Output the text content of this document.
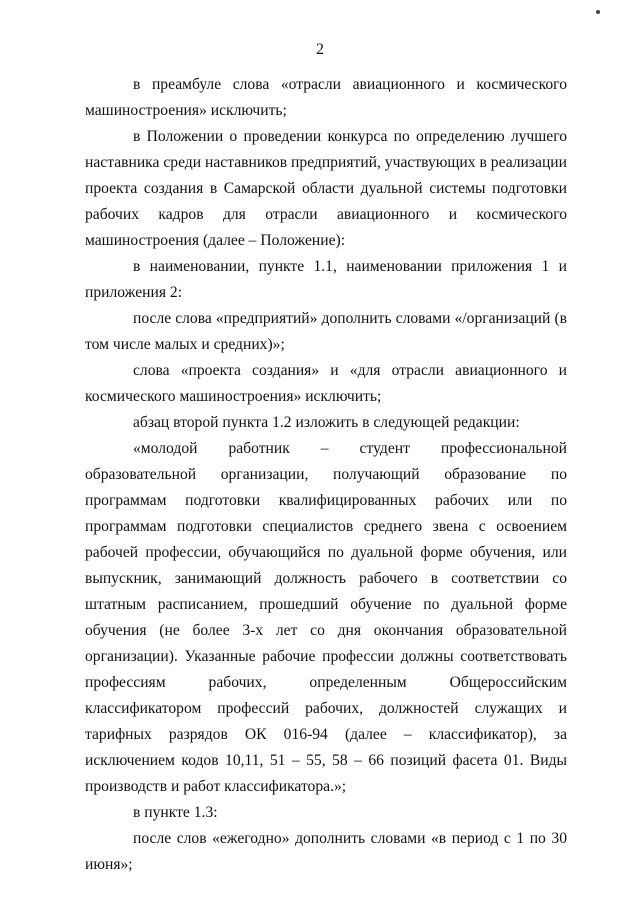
2

в преамбуле слова «отрасли авиационного и космического машиностроения» исключить;

в Положении о проведении конкурса по определению лучшего наставника среди наставников предприятий, участвующих в реализации проекта создания в Самарской области дуальной системы подготовки рабочих кадров для отрасли авиационного и космического машиностроения (далее – Положение):

в наименовании, пункте 1.1, наименовании приложения 1 и приложения 2:

после слова «предприятий» дополнить словами «/организаций (в том числе малых и средних)»;

слова «проекта создания» и «для отрасли авиационного и космического машиностроения» исключить;

абзац второй пункта 1.2 изложить в следующей редакции:

«молодой работник – студент профессиональной образовательной организации, получающий образование по программам подготовки квалифицированных рабочих или по программам подготовки специалистов среднего звена с освоением рабочей профессии, обучающийся по дуальной форме обучения, или выпускник, занимающий должность рабочего в соответствии со штатным расписанием, прошедший обучение по дуальной форме обучения (не более 3-х лет со дня окончания образовательной организации). Указанные рабочие профессии должны соответствовать профессиям рабочих, определенным Общероссийским классификатором профессий рабочих, должностей служащих и тарифных разрядов ОК 016-94 (далее – классификатор), за исключением кодов 10,11, 51 – 55, 58 – 66 позиций фасета 01. Виды производств и работ классификатора.»;

в пункте 1.3:

после слов «ежегодно» дополнить словами «в период с 1 по 30 июня»;
